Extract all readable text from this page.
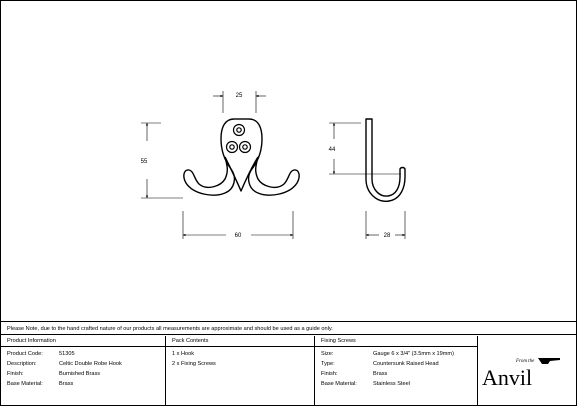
25
55
60
44
28
Please Note, due to the hand crafted nature of our products all measurements are approximate and should be used as a guide only.
Product Information
Product Code:	51305
Description:	Celtic Double Robe Hook
Finish:	Burnished Brass
Base Material:	Brass
Pack Contents
1 x Hook
2 x Fixing Screws
Fixing Screws
Size:	Gauge 6 x 3/4" (3.5mm x 19mm)
Type:	Countersunk Raised Head
Finish:	Brass
Base Material:	Stainless Steel
From the
Anvil
